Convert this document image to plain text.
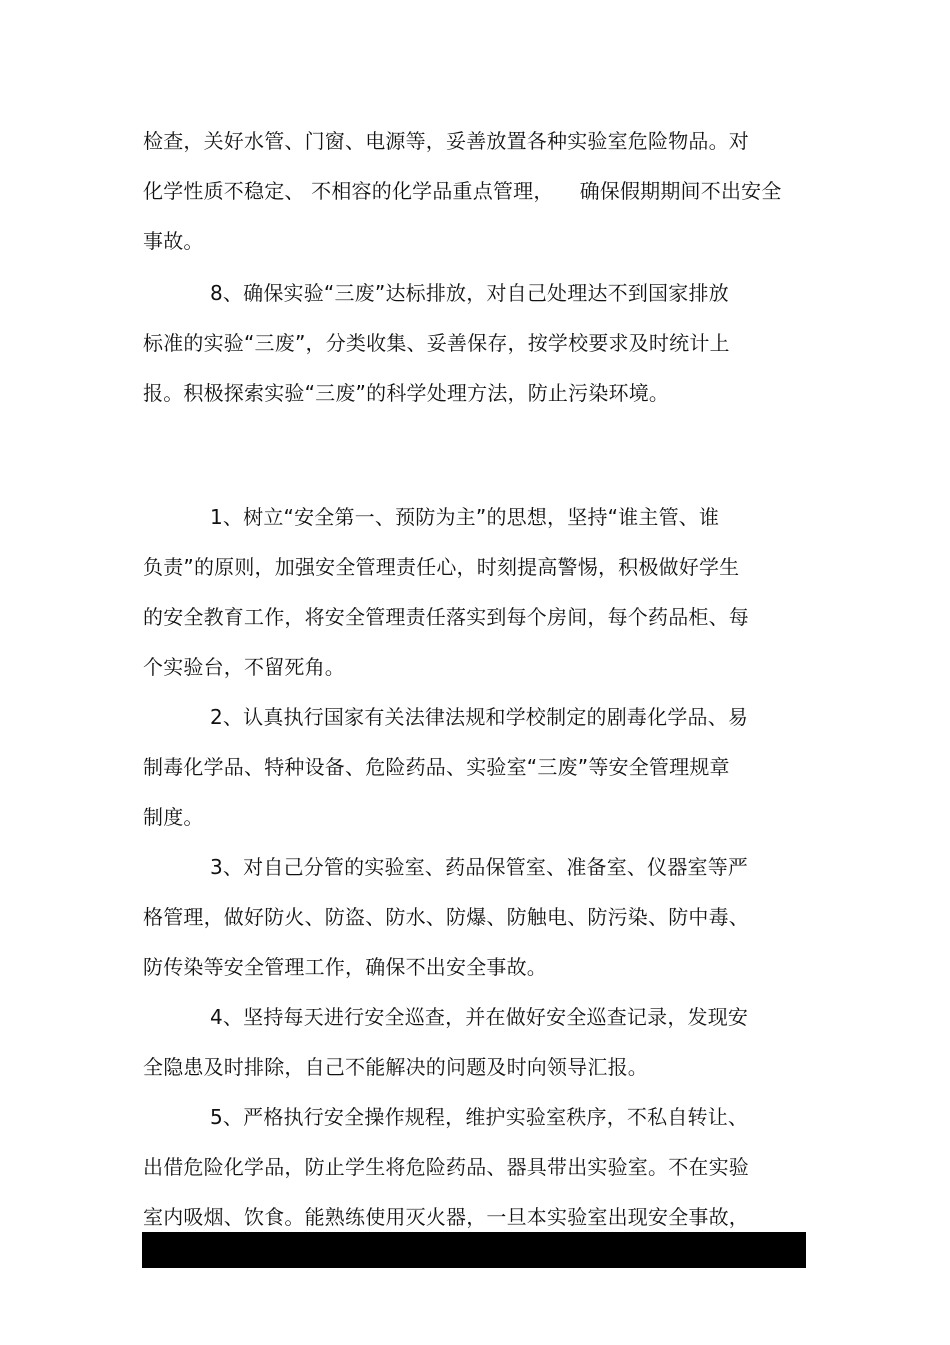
检查，关好水管、门窗、电源等，妥善放置各种实验室危险物品。对
化学性质不稳定、 不相容的化学品重点管理， 确保假期期间不出安全
事故。
8、确保实验“三废”达标排放，对自己处理达不到国家排放
标准的实验“三废”，分类收集、妥善保存，按学校要求及时统计上
报。积极探索实验“三废”的科学处理方法，防止污染环境。
1、树立“安全第一、预防为主”的思想，坚持“谁主管、谁
负责”的原则，加强安全管理责任心，时刻提高警惕，积极做好学生
的安全教育工作，将安全管理责任落实到每个房间，每个药品柜、每
个实验台，不留死角。
2、认真执行国家有关法律法规和学校制定的剧毒化学品、易
制毒化学品、特种设备、危险药品、实验室“三废”等安全管理规章
制度。
3、对自己分管的实验室、药品保管室、准备室、仪器室等严
格管理，做好防火、防盗、防水、防爆、防触电、防污染、防中毒、
防传染等安全管理工作，确保不出安全事故。
4、坚持每天进行安全巡查，并在做好安全巡查记录，发现安
全隐患及时排除，自己不能解决的问题及时向领导汇报。
5、严格执行安全操作规程，维护实验室秩序，不私自转让、
出借危险化学品，防止学生将危险药品、器具带出实验室。不在实验
室内吸烟、饮食。能熟练使用灭火器，一旦本实验室出现安全事故，
